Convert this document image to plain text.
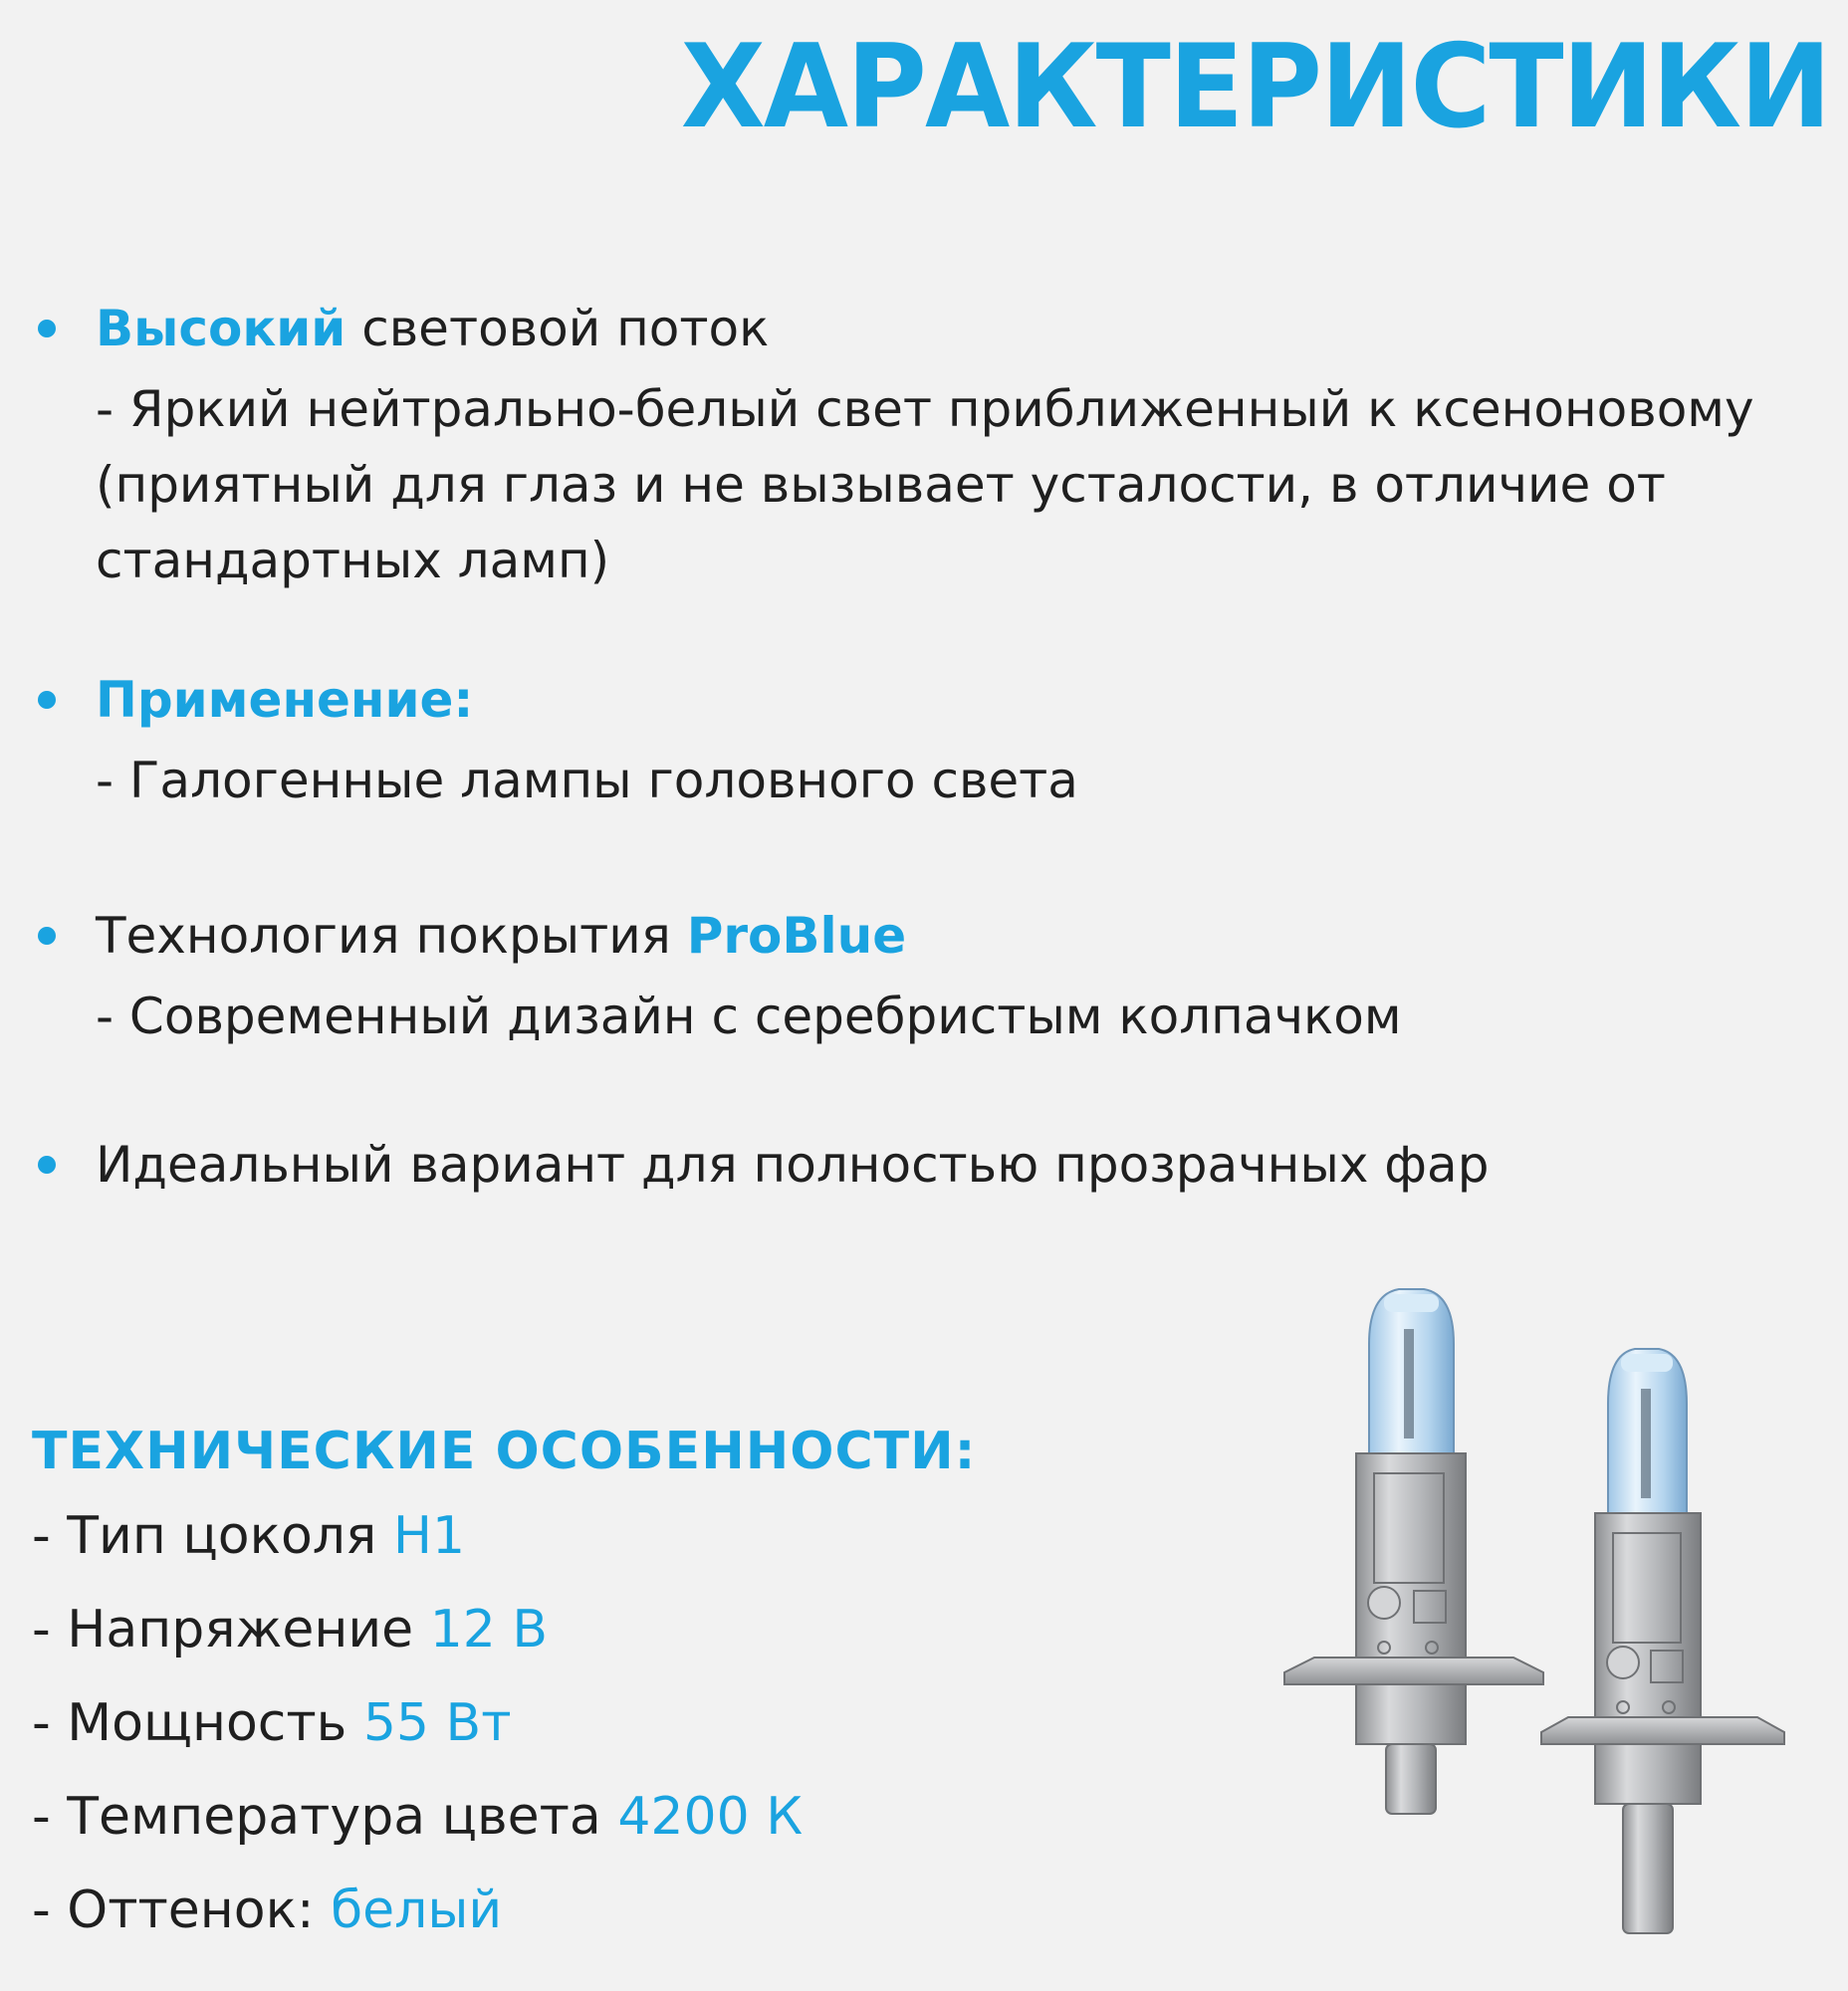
ХАРАКТЕРИСТИКИ
Высокий световой поток
- Яркий нейтрально-белый свет приближенный к ксеноновому (приятный для глаз и не вызывает усталости, в отличие от стандартных ламп)
Применение:
- Галогенные лампы головного света
Технология покрытия ProBlue
- Современный дизайн с серебристым колпачком
Идеальный вариант для полностью прозрачных фар
ТЕХНИЧЕСКИЕ ОСОБЕННОСТИ:
- Тип цоколя H1
- Напряжение 12 В
- Мощность 55 Вт
- Температура цвета 4200 К
- Оттенок: белый
